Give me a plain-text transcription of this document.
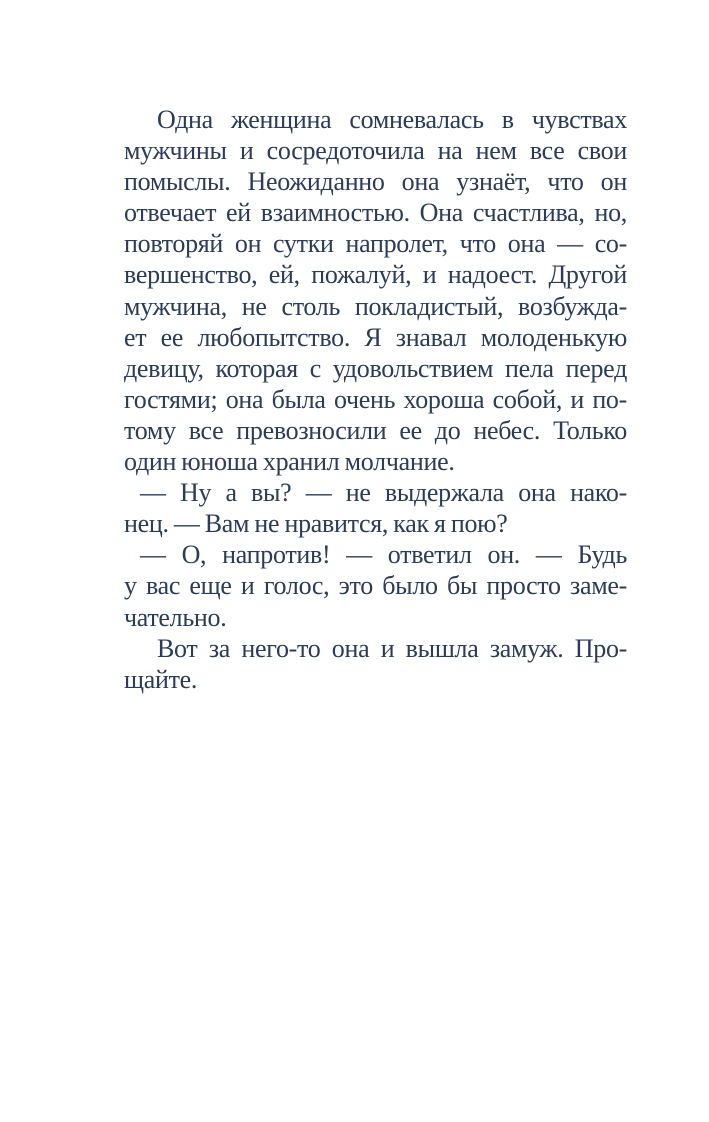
Одна женщина сомневалась в чувствах
мужчины и сосредоточила на нем все свои
помыслы. Неожиданно она узнаёт, что он
отвечает ей взаимностью. Она счастлива, но,
повторяй он сутки напролет, что она — со-
вершенство, ей, пожалуй, и надоест. Другой
мужчина, не столь покладистый, возбужда-
ет ее любопытство. Я знавал молоденькую
девицу, которая с удовольствием пела перед
гостями; она была очень хороша собой, и по-
тому все превозносили ее до небес. Только
один юноша хранил молчание.
— Ну а вы? — не выдержала она нако-
нец. — Вам не нравится, как я пою?
— О, напротив! — ответил он. — Будь
у вас еще и голос, это было бы просто заме-
чательно.
Вот за него-то она и вышла замуж. Про-
щайте.
